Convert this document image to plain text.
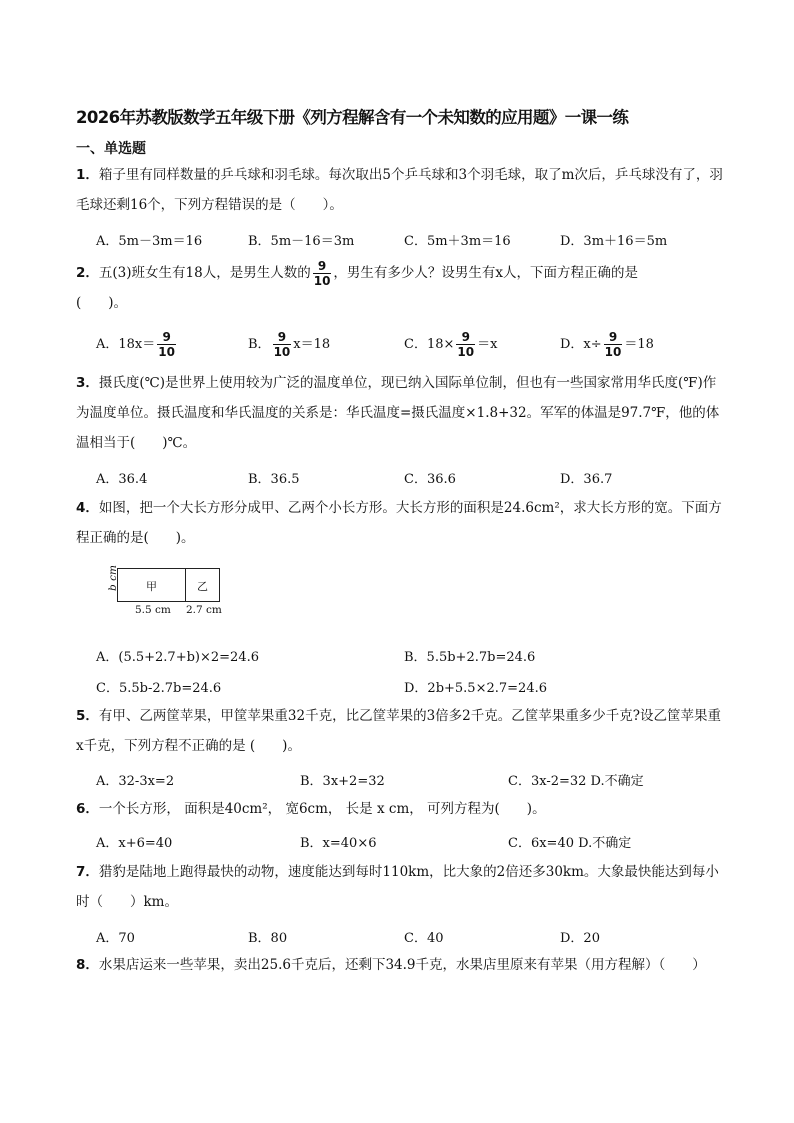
2026年苏教版数学五年级下册《列方程解含有一个未知数的应用题》一课一练
一、单选题
1．箱子里有同样数量的乒乓球和羽毛球。每次取出5个乒乓球和3个羽毛球，取了m次后，乒乓球没有了，羽毛球还剩16个，下列方程错误的是（　　）。
A．5m－3m＝16	B．5m－16＝3m	C．5m＋3m＝16	D．3m＋16＝5m
2．五(3)班女生有18人，是男生人数的 $\frac{9}{10}$ ，男生有多少人？设男生有x人，下面方程正确的是
(　　)。
A．$18x= \frac{9}{10}$	B． $\frac{9}{10} x=18$	C．$18\times \frac{9}{10} =x$	D．$x\div \frac{9}{10} =18$
3．摄氏度(℃)是世界上使用较为广泛的温度单位，现已纳入国际单位制，但也有一些国家常用华氏度(℉)作为温度单位。摄氏温度和华氏温度的关系是：华氏温度=摄氏温度×1.8+32。军军的体温是97.7℉，他的体温相当于(　　)℃。
A．36.4	B．36.5	C．36.6	D．36.7
4．如图，把一个大长方形分成甲、乙两个小长方形。大长方形的面积是24.6cm²，求大长方形的宽。下面方程正确的是(　　)。
b cm 甲	乙
5.5 cm 2.7 cm
A．(5.5+2.7+b)×2=24.6	B．5.5b+2.7b=24.6
C．5.5b-2.7b=24.6	D．2b+5.5×2.7=24.6
5．有甲、乙两筐苹果，甲筐苹果重32千克，比乙筐苹果的3倍多2千克。乙筐苹果重多少千克?设乙筐苹果重x千克，下列方程不正确的是 (　　)。
A．32-3x=2	B．3x+2=32	C．3x-2=32 D.不确定
6．一个长方形， 面积是40cm²， 宽6cm， 长是 x cm， 可列方程为(　　)。
A．x+6=40	B．x=40×6	C．6x=40 D.不确定
7．猎豹是陆地上跑得最快的动物，速度能达到每时110km，比大象的2倍还多30km。大象最快能达到每小时（　　）km。
A．70	B．80	C．40	D．20
8．水果店运来一些苹果，卖出25.6千克后，还剩下34.9千克，水果店里原来有苹果（用方程解）（　　）
